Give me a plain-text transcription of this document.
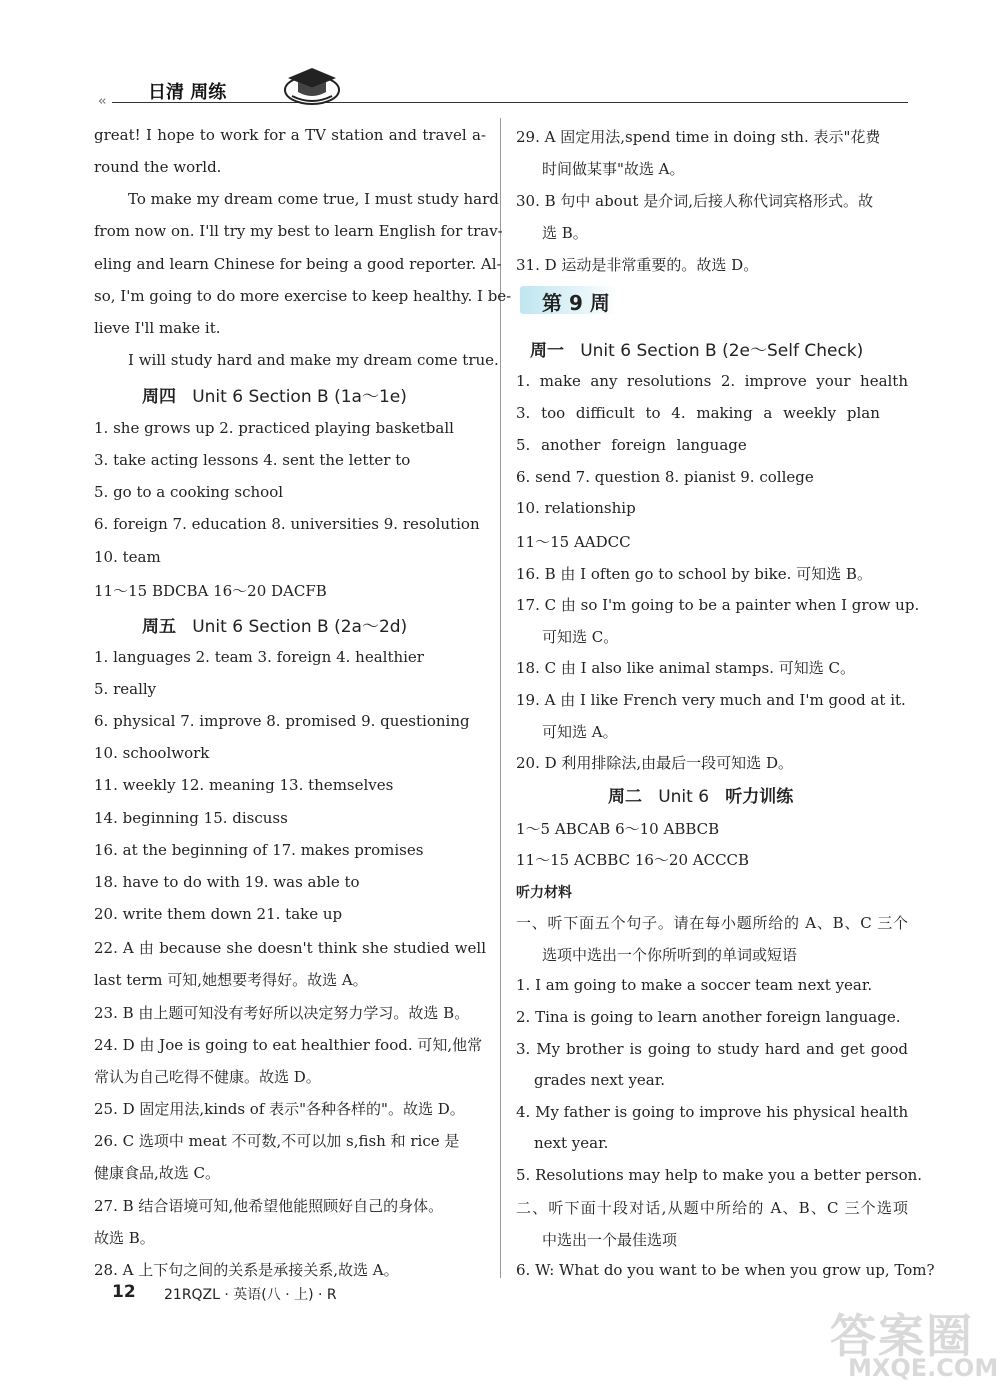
‹‹ 日清 周练
great! I hope to work for a TV station and travel a-
round the world.
To make my dream come true, I must study hard
from now on. I'll try my best to learn English for trav-
eling and learn Chinese for being a good reporter. Al-
so, I'm going to do more exercise to keep healthy. I be-
lieve I'll make it.
I will study hard and make my dream come true.
周四 Unit 6 Section B (1a～1e)
1. she grows up 2. practiced playing basketball
3. take acting lessons 4. sent the letter to
5. go to a cooking school
6. foreign 7. education 8. universities 9. resolution
10. team
11～15 BDCBA 16～20 DACFB
周五 Unit 6 Section B (2a～2d)
1. languages 2. team 3. foreign 4. healthier
5. really
6. physical 7. improve 8. promised 9. questioning
10. schoolwork
11. weekly 12. meaning 13. themselves
14. beginning 15. discuss
16. at the beginning of 17. makes promises
18. have to do with 19. was able to
20. write them down 21. take up
22. A 由 because she doesn't think she studied well
last term 可知,她想要考得好。故选 A。
23. B 由上题可知没有考好所以决定努力学习。故选 B。
24. D 由 Joe is going to eat healthier food. 可知,他常
常认为自己吃得不健康。故选 D。
25. D 固定用法,kinds of 表示"各种各样的"。故选 D。
26. C 选项中 meat 不可数,不可以加 s,fish 和 rice 是
健康食品,故选 C。
27. B 结合语境可知,他希望他能照顾好自己的身体。
故选 B。
28. A 上下句之间的关系是承接关系,故选 A。
29. A 固定用法,spend time in doing sth. 表示"花费
时间做某事"故选 A。
30. B 句中 about 是介词,后接人称代词宾格形式。故
选 B。
31. D 运动是非常重要的。故选 D。
第 9 周
周一 Unit 6 Section B (2e～Self Check)
1. make any resolutions 2. improve your health
3. too difficult to 4. making a weekly plan
5. another foreign language
6. send 7. question 8. pianist 9. college
10. relationship
11～15 AADCC
16. B 由 I often go to school by bike. 可知选 B。
17. C 由 so I'm going to be a painter when I grow up.
可知选 C。
18. C 由 I also like animal stamps. 可知选 C。
19. A 由 I like French very much and I'm good at it.
可知选 A。
20. D 利用排除法,由最后一段可知选 D。
周二 Unit 6 听力训练
1～5 ABCAB 6～10 ABBCB
11～15 ACBBC 16～20 ACCCB
听力材料
一、听下面五个句子。请在每小题所给的 A、B、C 三个
选项中选出一个你所听到的单词或短语
1. I am going to make a soccer team next year.
2. Tina is going to learn another foreign language.
3. My brother is going to study hard and get good
grades next year.
4. My father is going to improve his physical health
next year.
5. Resolutions may help to make you a better person.
二、听下面十段对话,从题中所给的 A、B、C 三个选项
中选出一个最佳选项
6. W: What do you want to be when you grow up, Tom?
12 21RQZL · 英语(八 · 上) · R
答案圈
MXQE.COM
